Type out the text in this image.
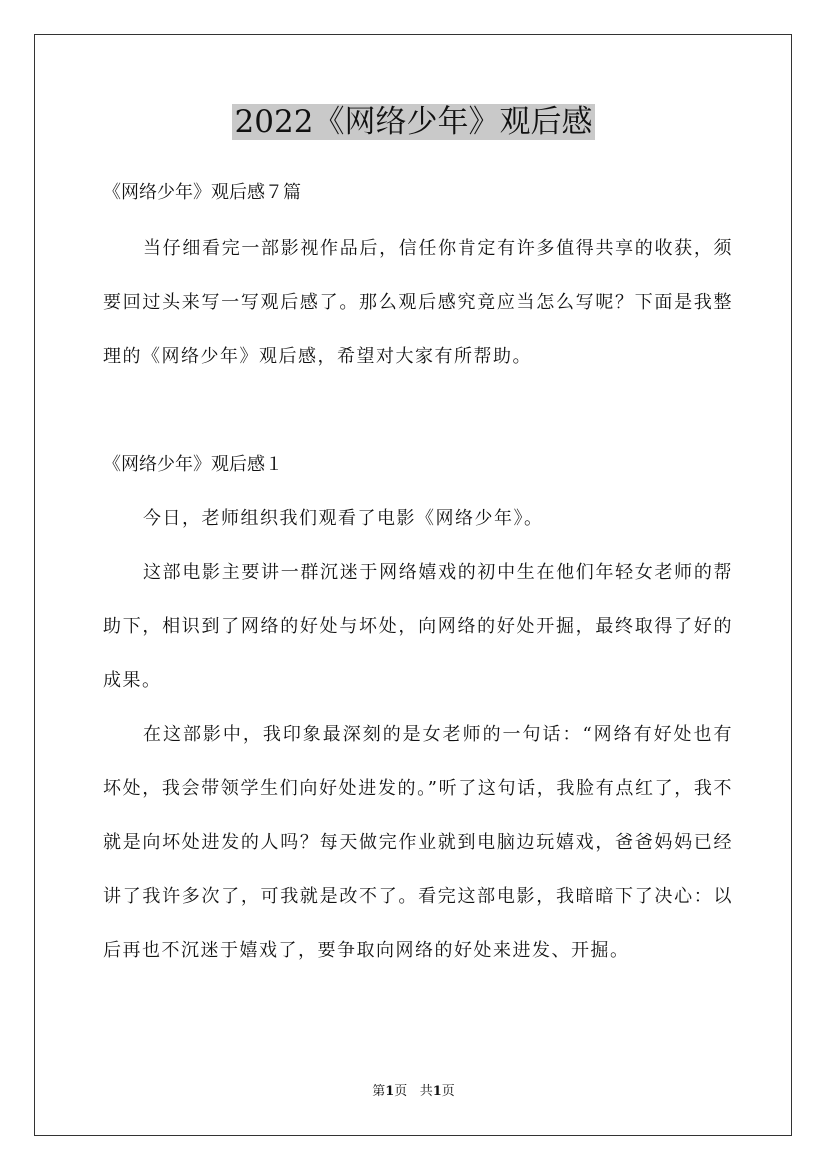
2022《网络少年》观后感
《网络少年》观后感７篇

当仔细看完一部影视作品后，信任你肯定有许多值得共享的收获，须要回过头来写一写观后感了。那么观后感究竟应当怎么写呢？下面是我整理的《网络少年》观后感，希望对大家有所帮助。

《网络少年》观后感１

今日，老师组织我们观看了电影《网络少年》。

这部电影主要讲一群沉迷于网络嬉戏的初中生在他们年轻女老师的帮助下，相识到了网络的好处与坏处，向网络的好处开掘，最终取得了好的成果。

在这部影中，我印象最深刻的是女老师的一句话：“网络有好处也有坏处，我会带领学生们向好处进发的。”听了这句话，我脸有点红了，我不就是向坏处进发的人吗？每天做完作业就到电脑边玩嬉戏，爸爸妈妈已经讲了我许多次了，可我就是改不了。看完这部电影，我暗暗下了决心：以后再也不沉迷于嬉戏了，要争取向网络的好处来进发、开掘。

第1页 共1页
